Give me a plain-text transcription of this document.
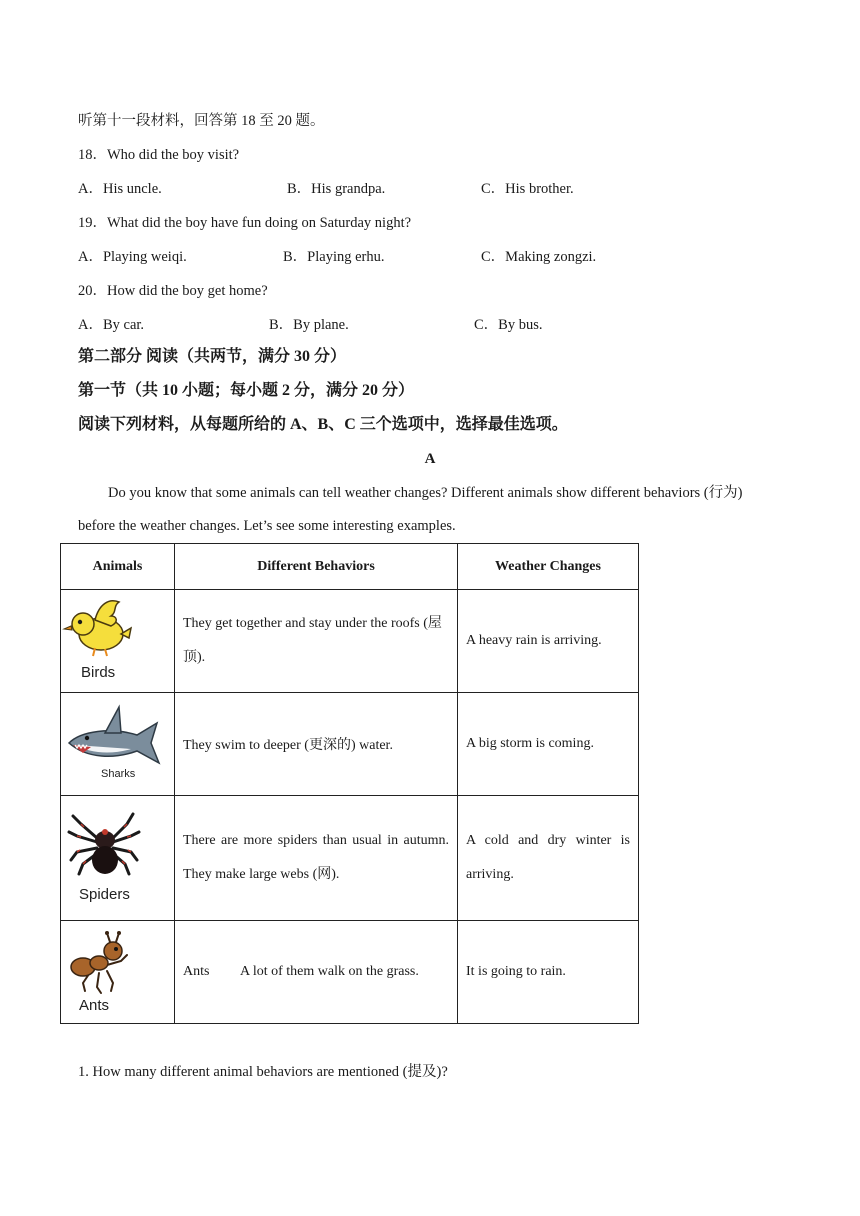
听第十一段材料，回答第 18 至 20 题。
18．Who did the boy visit?
A．His uncle.	B．His grandpa.	C．His brother.
19．What did the boy have fun doing on Saturday night?
A．Playing weiqi.	B．Playing erhu.	C．Making zongzi.
20．How did the boy get home?
A．By car.	B．By plane.	C．By bus.
第二部分 阅读（共两节，满分 30 分）
第一节（共 10 小题；每小题 2 分，满分 20 分）
阅读下列材料，从每题所给的 A、B、C 三个选项中，选择最佳选项。
A
Do you know that some animals can tell weather changes? Different animals show different behaviors (行为) before the weather changes. Let’s see some interesting examples.
Animals	Different Behaviors	Weather Changes

Birds	They get together and stay under the roofs (屋顶).	A heavy rain is arriving.

Sharks	They swim to deeper (更深的) water.	A big storm is coming.

Spiders	There are more spiders than usual in autumn. They make large webs (网).	A cold and dry winter is arriving.

Ants	Ants A lot of them walk on the grass.	It is going to rain.
1. How many different animal behaviors are mentioned (提及)?
